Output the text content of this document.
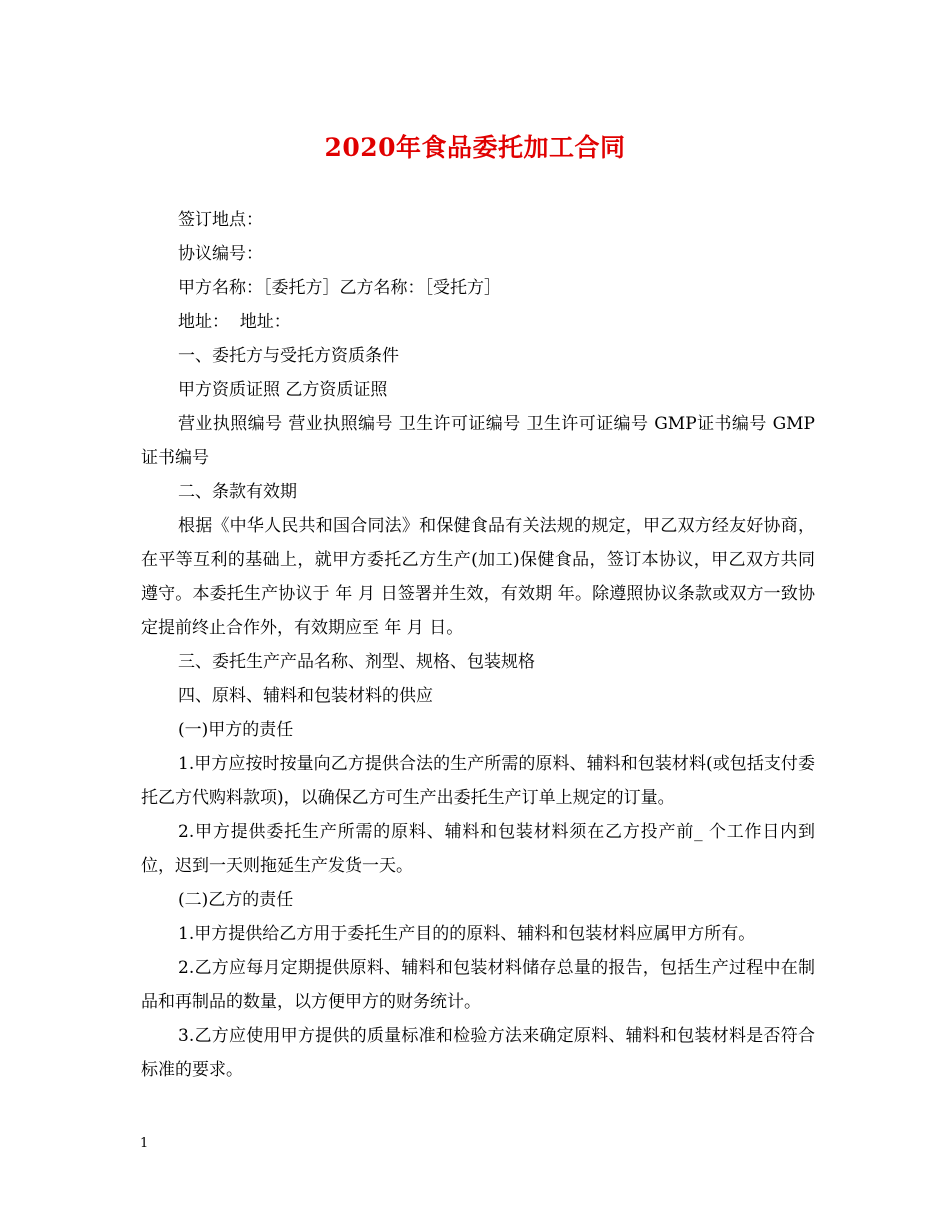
2020年食品委托加工合同

签订地点：

协议编号：

甲方名称：［委托方］乙方名称：［受托方］

地址：  地址：

一、委托方与受托方资质条件

甲方资质证照 乙方资质证照

营业执照编号 营业执照编号 卫生许可证编号 卫生许可证编号 GMP证书编号 GMP证书编号

二、条款有效期

根据《中华人民共和国合同法》和保健食品有关法规的规定，甲乙双方经友好协商，在平等互利的基础上，就甲方委托乙方生产(加工)保健食品，签订本协议，甲乙双方共同遵守。本委托生产协议于 年 月 日签署并生效，有效期 年。除遵照协议条款或双方一致协定提前终止合作外，有效期应至 年 月 日。

三、委托生产产品名称、剂型、规格、包装规格

四、原料、辅料和包装材料的供应

(一)甲方的责任

1.甲方应按时按量向乙方提供合法的生产所需的原料、辅料和包装材料(或包括支付委托乙方代购料款项)，以确保乙方可生产出委托生产订单上规定的订量。

2.甲方提供委托生产所需的原料、辅料和包装材料须在乙方投产前_ 个工作日内到位，迟到一天则拖延生产发货一天。

(二)乙方的责任

1.甲方提供给乙方用于委托生产目的的原料、辅料和包装材料应属甲方所有。

2.乙方应每月定期提供原料、辅料和包装材料储存总量的报告，包括生产过程中在制品和再制品的数量，以方便甲方的财务统计。

3.乙方应使用甲方提供的质量标准和检验方法来确定原料、辅料和包装材料是否符合标准的要求。

1
